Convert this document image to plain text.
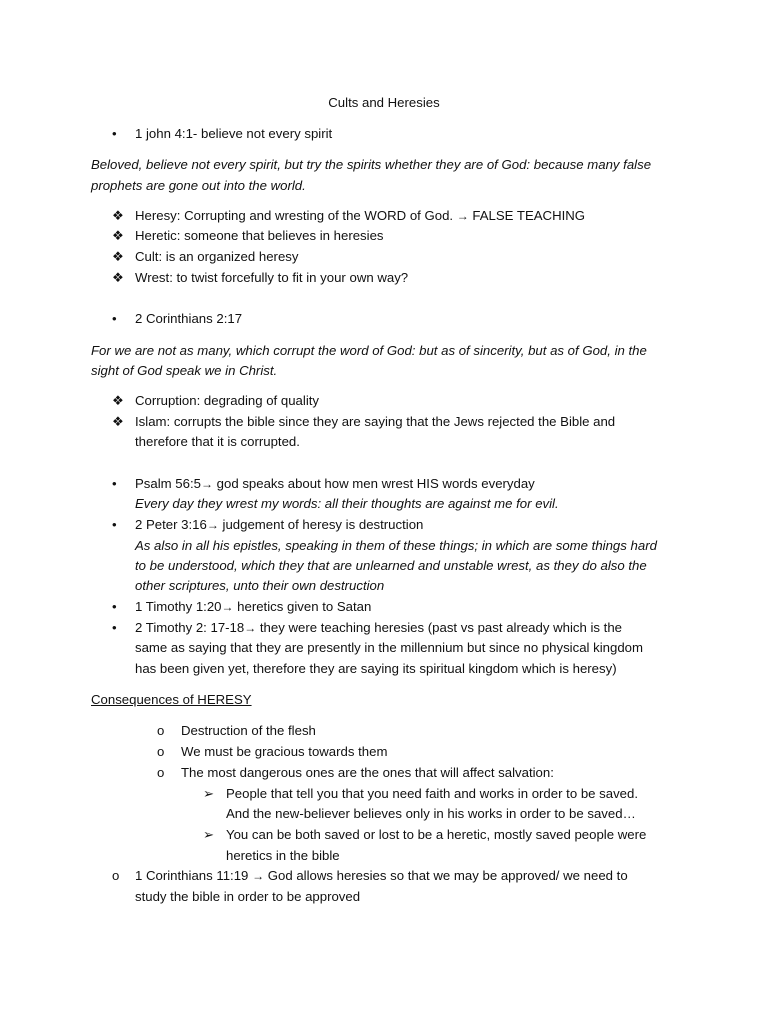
Cults and Heresies
• 1 john 4:1- believe not every spirit
Beloved, believe not every spirit, but try the spirits whether they are of God: because many false
prophets are gone out into the world.
❖ Heresy: Corrupting and wresting of the WORD of God. → FALSE TEACHING
❖ Heretic: someone that believes in heresies
❖ Cult: is an organized heresy
❖ Wrest: to twist forcefully to fit in your own way?
• 2 Corinthians 2:17
For we are not as many, which corrupt the word of God: but as of sincerity, but as of God, in the
sight of God speak we in Christ.
❖ Corruption: degrading of quality
❖ Islam: corrupts the bible since they are saying that the Jews rejected the Bible and
therefore that it is corrupted.
• Psalm 56:5→ god speaks about how men wrest HIS words everyday
Every day they wrest my words: all their thoughts are against me for evil.
• 2 Peter 3:16→ judgement of heresy is destruction
As also in all his epistles, speaking in them of these things; in which are some things hard
to be understood, which they that are unlearned and unstable wrest, as they do also the
other scriptures, unto their own destruction
• 1 Timothy 1:20→ heretics given to Satan
• 2 Timothy 2: 17-18→ they were teaching heresies (past vs past already which is the
same as saying that they are presently in the millennium but since no physical kingdom
has been given yet, therefore they are saying its spiritual kingdom which is heresy)
Consequences of HERESY
o Destruction of the flesh
o We must be gracious towards them
o The most dangerous ones are the ones that will affect salvation:
➢ People that tell you that you need faith and works in order to be saved.
And the new-believer believes only in his works in order to be saved…
➢ You can be both saved or lost to be a heretic, mostly saved people were
heretics in the bible
o 1 Corinthians 11:19 → God allows heresies so that we may be approved/ we need to
study the bible in order to be approved
